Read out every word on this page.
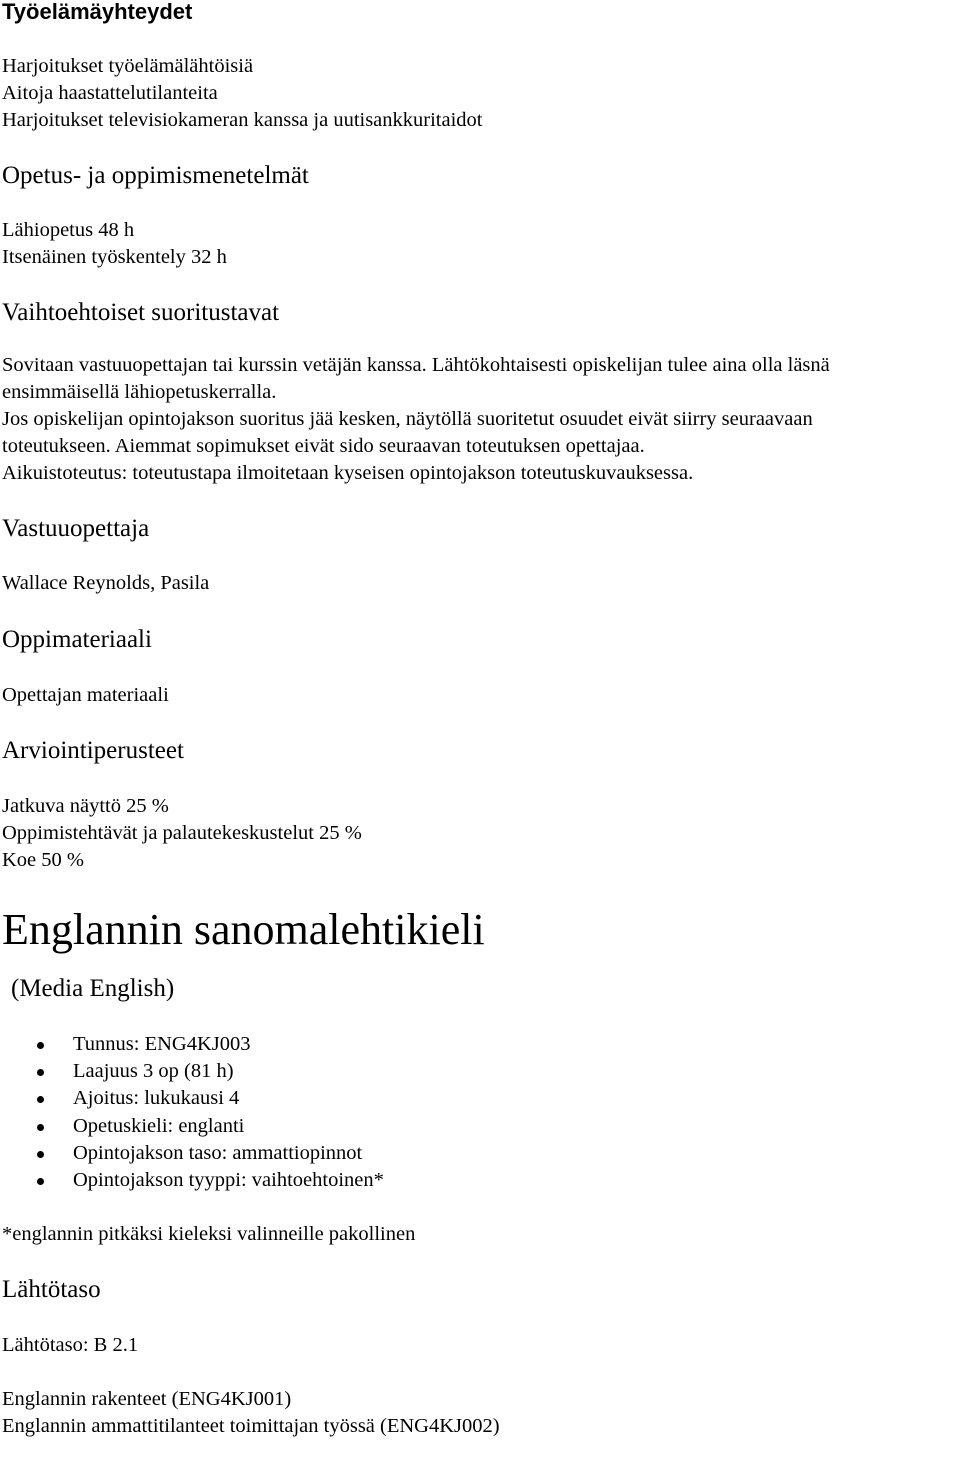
Työelämäyhteydet
Harjoitukset työelämälähtöisiä
Aitoja haastattelutilanteita
Harjoitukset televisiokameran kanssa ja uutisankkuritaidot
Opetus- ja oppimismenetelmät
Lähiopetus 48 h
Itsenäinen työskentely 32 h
Vaihtoehtoiset suoritustavat
Sovitaan vastuuopettajan tai kurssin vetäjän kanssa. Lähtökohtaisesti opiskelijan tulee aina olla läsnä
ensimmäisellä lähiopetuskerralla.
Jos opiskelijan opintojakson suoritus jää kesken, näytöllä suoritetut osuudet eivät siirry seuraavaan
toteutukseen. Aiemmat sopimukset eivät sido seuraavan toteutuksen opettajaa.
Aikuistoteutus: toteutustapa ilmoitetaan kyseisen opintojakson toteutuskuvauksessa.
Vastuuopettaja
Wallace Reynolds, Pasila
Oppimateriaali
Opettajan materiaali
Arviointiperusteet
Jatkuva näyttö 25 %
Oppimistehtävät ja palautekeskustelut 25 %
Koe 50 %
Englannin sanomalehtikieli
(Media English)
Tunnus: ENG4KJ003
Laajuus 3 op (81 h)
Ajoitus: lukukausi 4
Opetuskieli: englanti
Opintojakson taso: ammattiopinnot
Opintojakson tyyppi: vaihtoehtoinen*
*englannin pitkäksi kieleksi valinneille pakollinen
Lähtötaso
Lähtötaso: B 2.1
Englannin rakenteet (ENG4KJ001)
Englannin ammattitilanteet toimittajan työssä (ENG4KJ002)
